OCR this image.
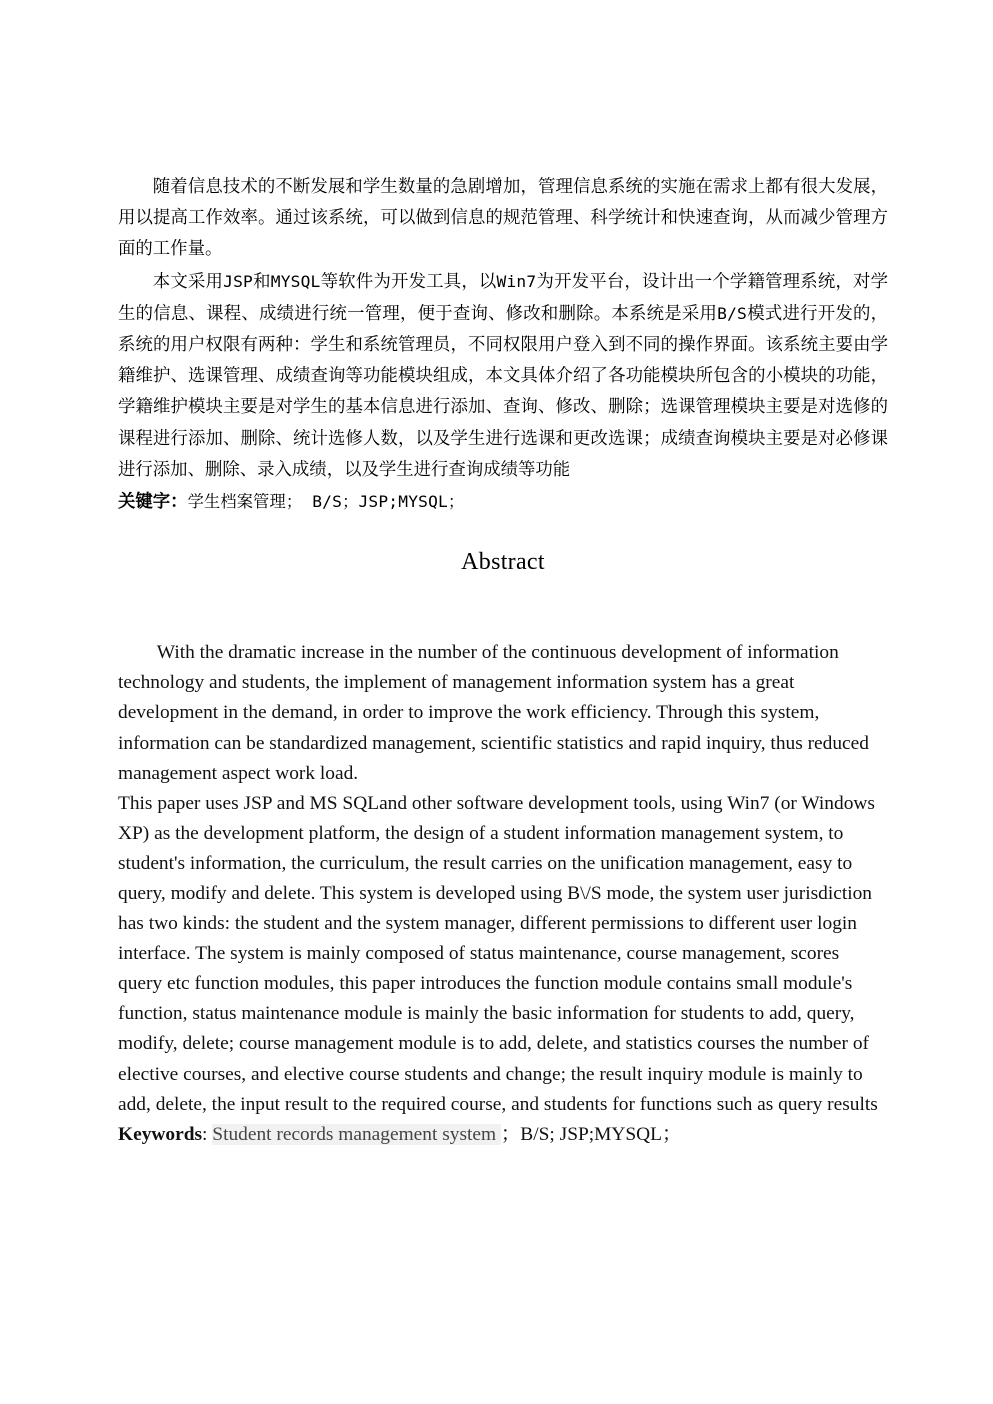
随着信息技术的不断发展和学生数量的急剧增加，管理信息系统的实施在需求上都有很大发展，用以提高工作效率。通过该系统，可以做到信息的规范管理、科学统计和快速查询，从而减少管理方面的工作量。

本文采用JSP和MYSQL等软件为开发工具，以Win7为开发平台，设计出一个学籍管理系统，对学生的信息、课程、成绩进行统一管理，便于查询、修改和删除。本系统是采用B/S模式进行开发的，系统的用户权限有两种：学生和系统管理员，不同权限用户登入到不同的操作界面。该系统主要由学籍维护、选课管理、成绩查询等功能模块组成，本文具体介绍了各功能模块所包含的小模块的功能，学籍维护模块主要是对学生的基本信息进行添加、查询、修改、删除；选课管理模块主要是对选修的课程进行添加、删除、统计选修人数，以及学生进行选课和更改选课；成绩查询模块主要是对必修课进行添加、删除、录入成绩，以及学生进行查询成绩等功能

关键字：学生档案管理； B/S；JSP;MYSQL；

Abstract

With the dramatic increase in the number of the continuous development of information technology and students, the implement of management information system has a great development in the demand, in order to improve the work efficiency. Through this system, information can be standardized management, scientific statistics and rapid inquiry, thus reduced management aspect work load.

This paper uses JSP and MS SQLand other software development tools, using Win7 (or Windows XP) as the development platform, the design of a student information management system, to student's information, the curriculum, the result carries on the unification management, easy to query, modify and delete. This system is developed using B\/S mode, the system user jurisdiction has two kinds: the student and the system manager, different permissions to different user login interface. The system is mainly composed of status maintenance, course management, scores query etc function modules, this paper introduces the function module contains small module's function, status maintenance module is mainly the basic information for students to add, query, modify, delete; course management module is to add, delete, and statistics courses the number of elective courses, and elective course students and change; the result inquiry module is mainly to add, delete, the input result to the required course, and students for functions such as query results

Keywords: Student records management system ；B/S; JSP;MYSQL；
